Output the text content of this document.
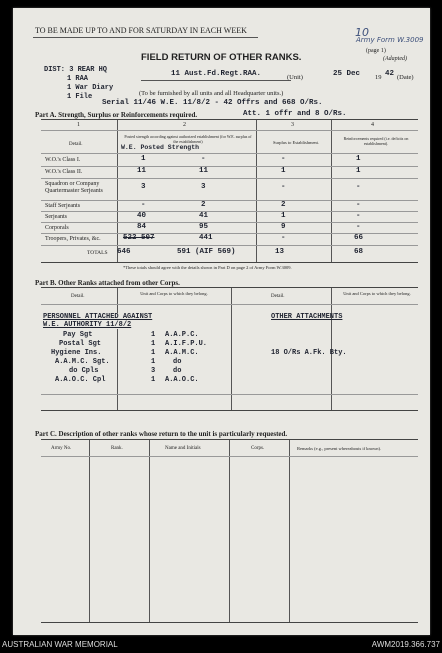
TO BE MADE UP TO AND FOR SATURDAY IN EACH WEEK	10
Army Form W.3009
(page 1)
(Adapted)
FIELD RETURN OF OTHER RANKS.
DIST: 3 REAR HQ
1 RAA
1 War Diary
1 File
11 Aust.Fd.Regt.RAA.	(Unit)	25 Dec 19 42 (Date)
(To be furnished by all units and all Headquarter units.)
Serial 11/46 W.E. 11/8/2 - 42 Offrs and 668 O/Rs.
Part A. Strength, Surplus or Reinforcements required.	Att. 1 offr and 8 O/Rs.
1	2	3	4
Detail.
Posted strength according against authorized establishment (for W.E. surplus of the establishment)
W.E. Posted Strength
Surplus to Establishment.
Reinforcements required (i.e. deficits on establishment).
W.O.'s Class I.	1	-	-	1
W.O.'s Class II.	11	11	1	1
Squadron or Company Quartermaster Serjeants	3	3	-	-
Staff Serjeants	-	2	2	-
Serjeants	40	41	1	-
Corporals	84	95	9	-
Troopers, Privates, &c.	522 507	441	-	66
TOTALS 646	591 (AIF 569)	13	68
*These totals should agree with the details shown in Part D on page 2 of Army Form W.3009.
Part B. Other Ranks attached from other Corps.
Detail.
Unit and Corps to which they belong.
Detail.
Unit and Corps to which they belong.
PERSONNEL ATTACHED AGAINST W.E. AUTHORITY 11/8/2
OTHER ATTACHMENTS
Pay Sgt	1 A.A.P.C.
Postal Sgt	1 A.I.F.P.U.
Hygiene Ins.	1 A.A.M.C.
A.A.M.C. Sgt.	1	do
do Cpls	3	do
A.A.O.C. Cpl	1 A.A.O.C.
18 O/Rs A.Fk. Bty.
Part C. Description of other ranks whose return to the unit is particularly requested.
Army No.	Rank.	Name and Initials	Corps.	Remarks (e.g., present whereabouts if known).
AUSTRALIAN WAR MEMORIAL	AWM2019.366.737
